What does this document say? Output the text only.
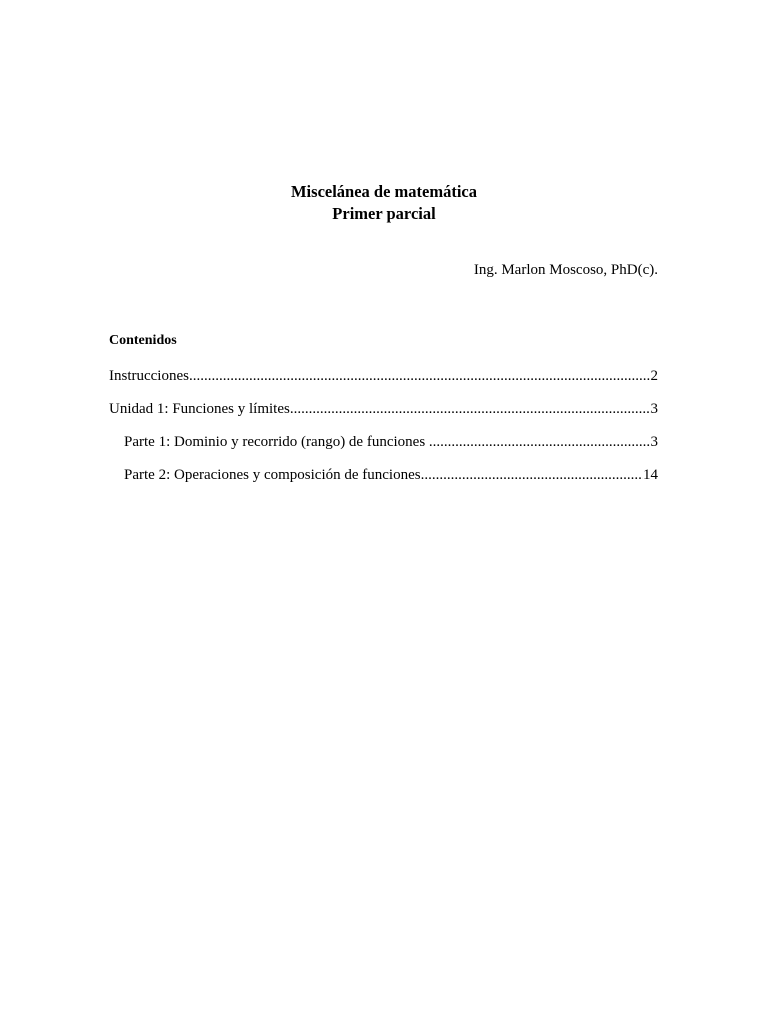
Miscelánea de matemática

Primer parcial

Ing. Marlon Moscoso, PhD(c).

Contenidos

Instrucciones .....	2
Unidad 1: Funciones y límites .....	3
Parte 1: Dominio y recorrido (rango) de funciones .....	3
Parte 2: Operaciones y composición de funciones .....	14
